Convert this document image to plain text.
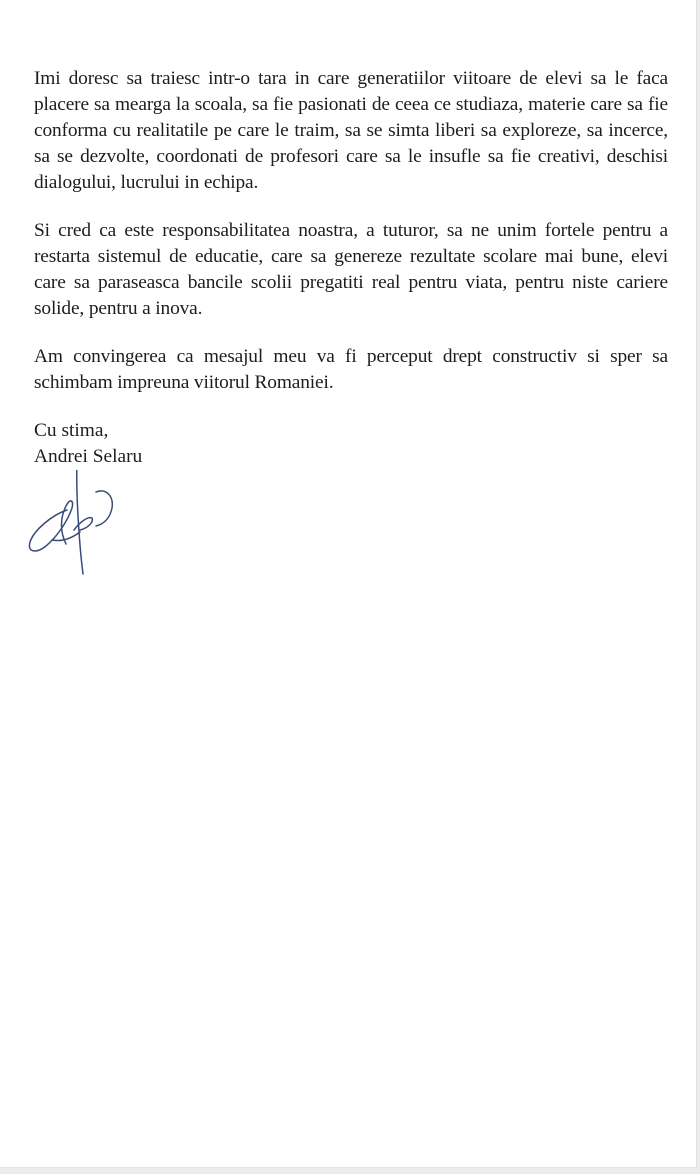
Imi doresc sa traiesc intr-o tara in care generatiilor viitoare de elevi sa le faca placere sa mearga la scoala, sa fie pasionati de ceea ce studiaza, materie care sa fie conforma cu realitatile pe care le traim, sa se simta liberi sa exploreze, sa incerce, sa se dezvolte, coordonati de profesori care sa le insufle sa fie creativi, deschisi dialogului, lucrului in echipa.

Si cred ca este responsabilitatea noastra, a tuturor, sa ne unim fortele pentru a restarta sistemul de educatie, care sa genereze rezultate scolare mai bune, elevi care sa paraseasca bancile scolii pregatiti real pentru viata, pentru niste cariere solide, pentru a inova.

Am convingerea ca mesajul meu va fi perceput drept constructiv si sper sa schimbam impreuna viitorul Romaniei.

Cu stima,

Andrei Selaru
